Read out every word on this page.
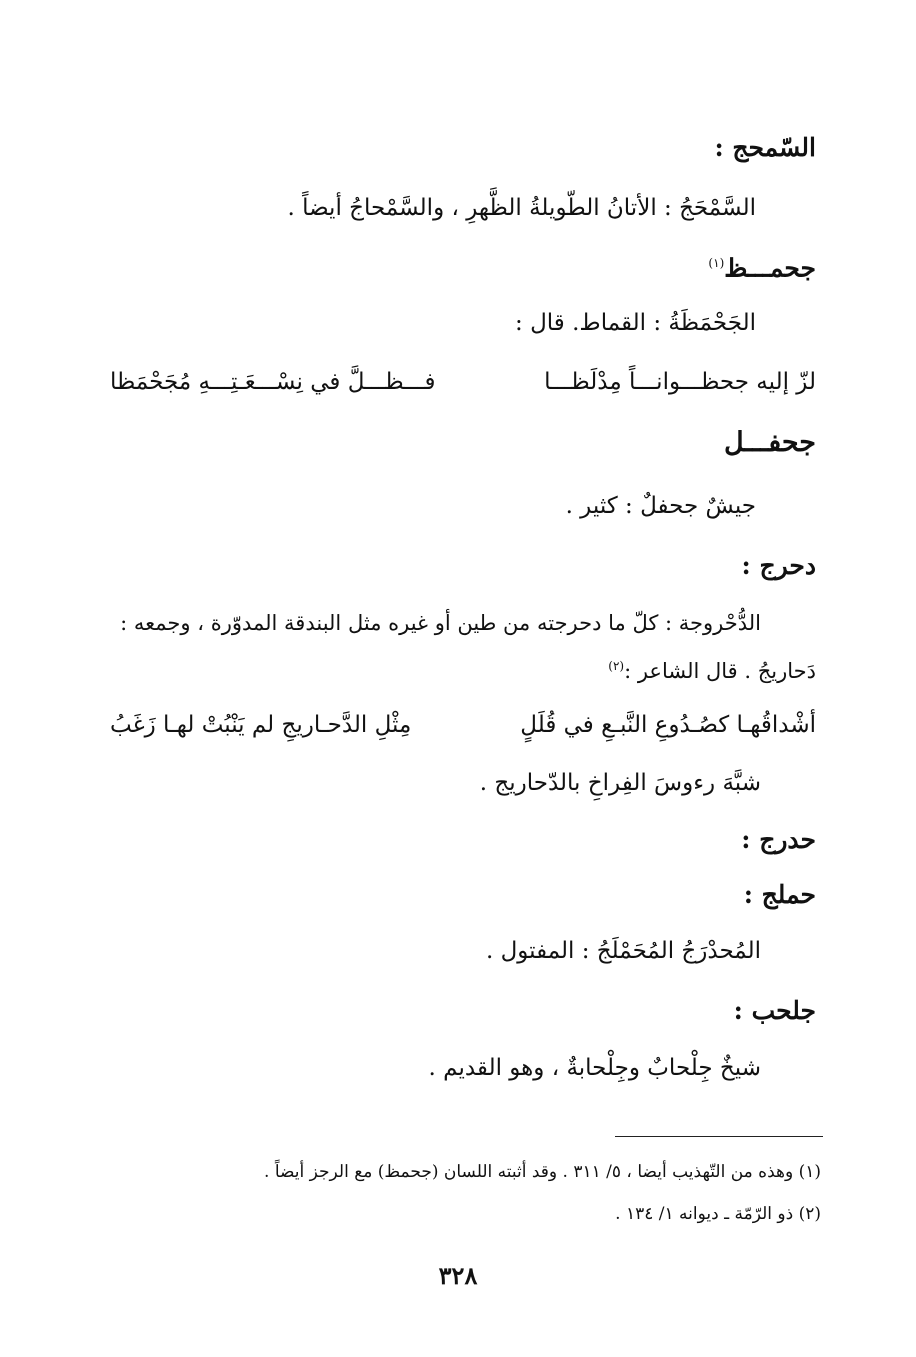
السّمحج :
السَّمْحَجُ : الأتانُ الطّويلةُ الظَّهرِ ، والسَّمْحاجُ أيضاً .
جحمـــظ$^{(١)}$
الجَحْمَظَةُ : القماط. قال :
لزّ إليه جحظـــوانـــاً مِدْلَظـــا
فـــظـــلَّ في نِسْـــعَـتِـــهِ مُجَحْمَظا
جحفـــل
جيشٌ جحفلٌ : كثير .
دحرج :
الدُّحْروجة : كلّ ما دحرجته من طين أو غيره مثل البندقة المدوّرة ، وجمعه :
دَحاريجُ . قال الشاعر :$^{(٢)}$
أشْداقُهـا كصُـدُوعِ النَّبـعِ في قُلَلٍ
مِثْلِ الدَّحـاريجِ لم يَنْبُتْ لهـا زَغَبُ
شبَّهَ رءوسَ الفِراخِ بالدّحاريج .
حدرج :
حملج :
المُحدْرَجُ المُحَمْلَجُ : المفتول .
جلحب :
شيخٌ جِلْحابٌ وجِلْحابةٌ ، وهو القديم .
(١) وهذه من التّهذيب أيضا ، ٥/ ٣١١ . وقد أثبته اللسان (جحمظ) مع الرجز أيضاً .
(٢) ذو الرّمّة ـ ديوانه ١/ ١٣٤ .
٣٢٨
